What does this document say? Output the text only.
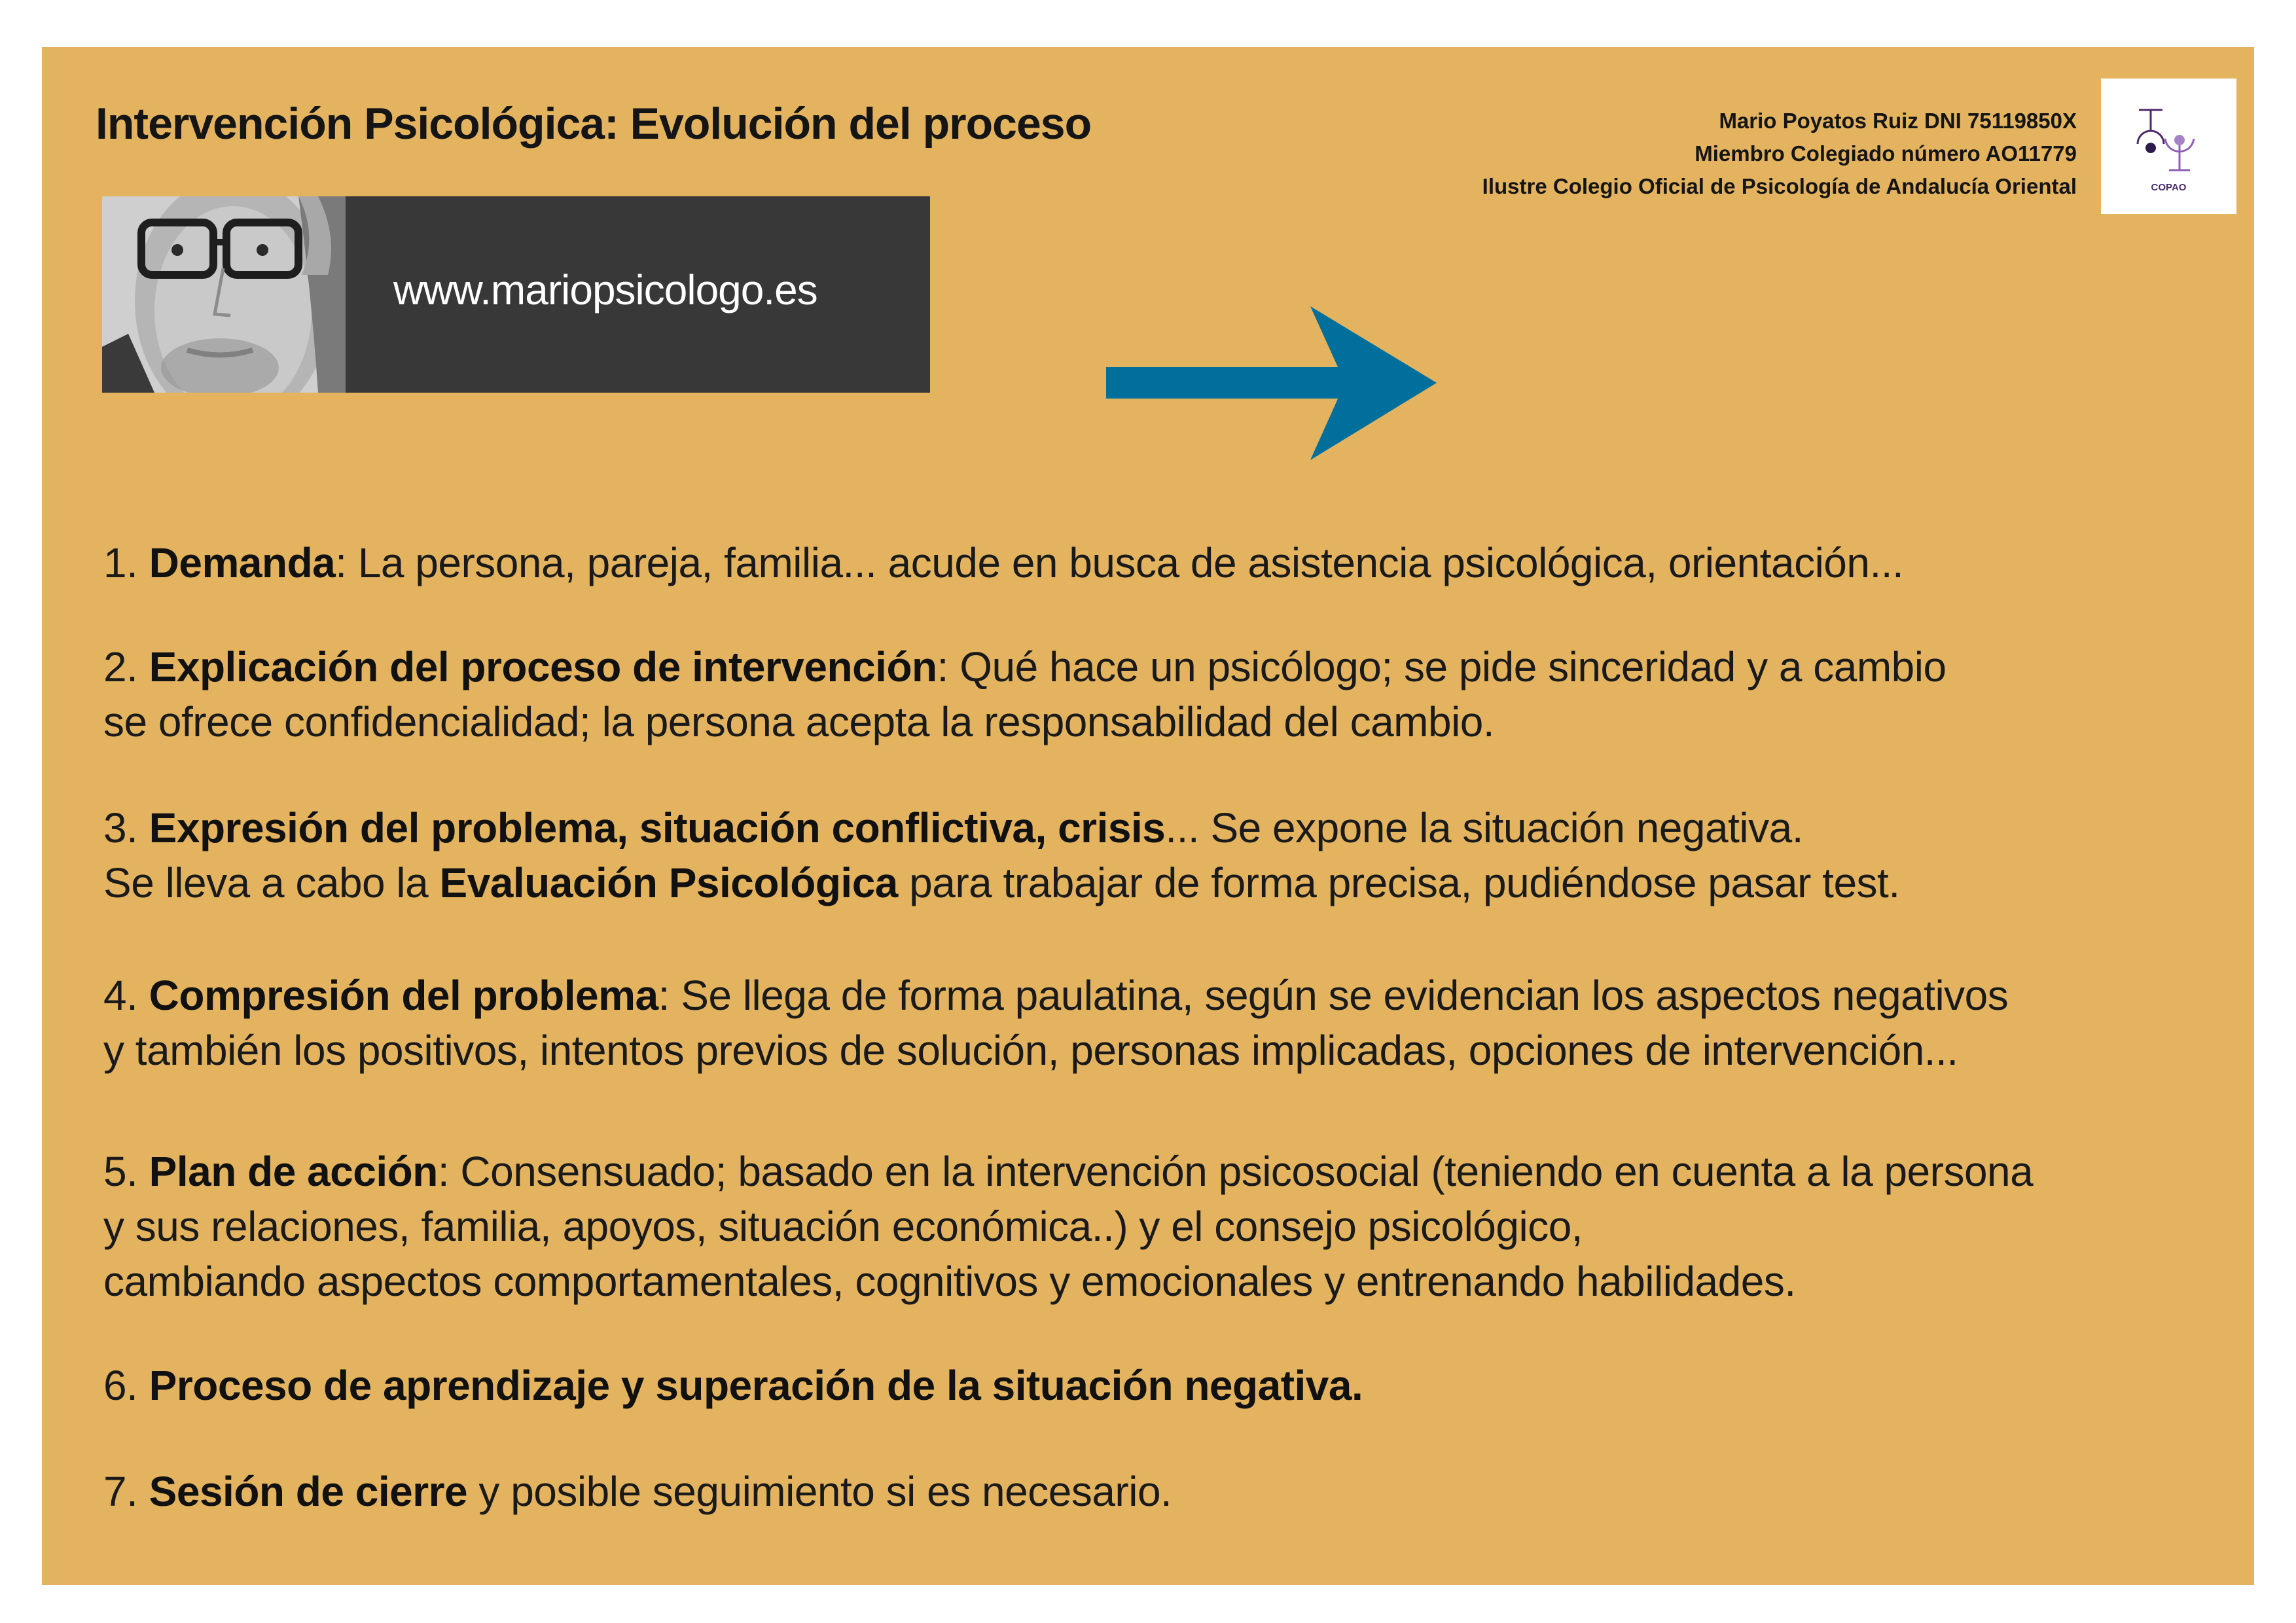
Intervención Psicológica: Evolución del proceso	Mario Poyatos Ruiz DNI 75119850X
Miembro Colegiado número AO11779
Ilustre Colegio Oficial de Psicología de Andalucía Oriental	COPAO
www.mariopsicologo.es
1. Demanda: La persona, pareja, familia... acude en busca de asistencia psicológica, orientación...
2. Explicación del proceso de intervención: Qué hace un psicólogo; se pide sinceridad y a cambio
se ofrece confidencialidad; la persona acepta la responsabilidad del cambio.
3. Expresión del problema, situación conflictiva, crisis... Se expone la situación negativa.
Se lleva a cabo la Evaluación Psicológica para trabajar de forma precisa, pudiéndose pasar test.
4. Compresión del problema: Se llega de forma paulatina, según se evidencian los aspectos negativos
y también los positivos, intentos previos de solución, personas implicadas, opciones de intervención...
5. Plan de acción: Consensuado; basado en la intervención psicosocial (teniendo en cuenta a la persona
y sus relaciones, familia, apoyos, situación económica..) y el consejo psicológico,
cambiando aspectos comportamentales, cognitivos y emocionales y entrenando habilidades.
6. Proceso de aprendizaje y superación de la situación negativa.
7. Sesión de cierre y posible seguimiento si es necesario.
